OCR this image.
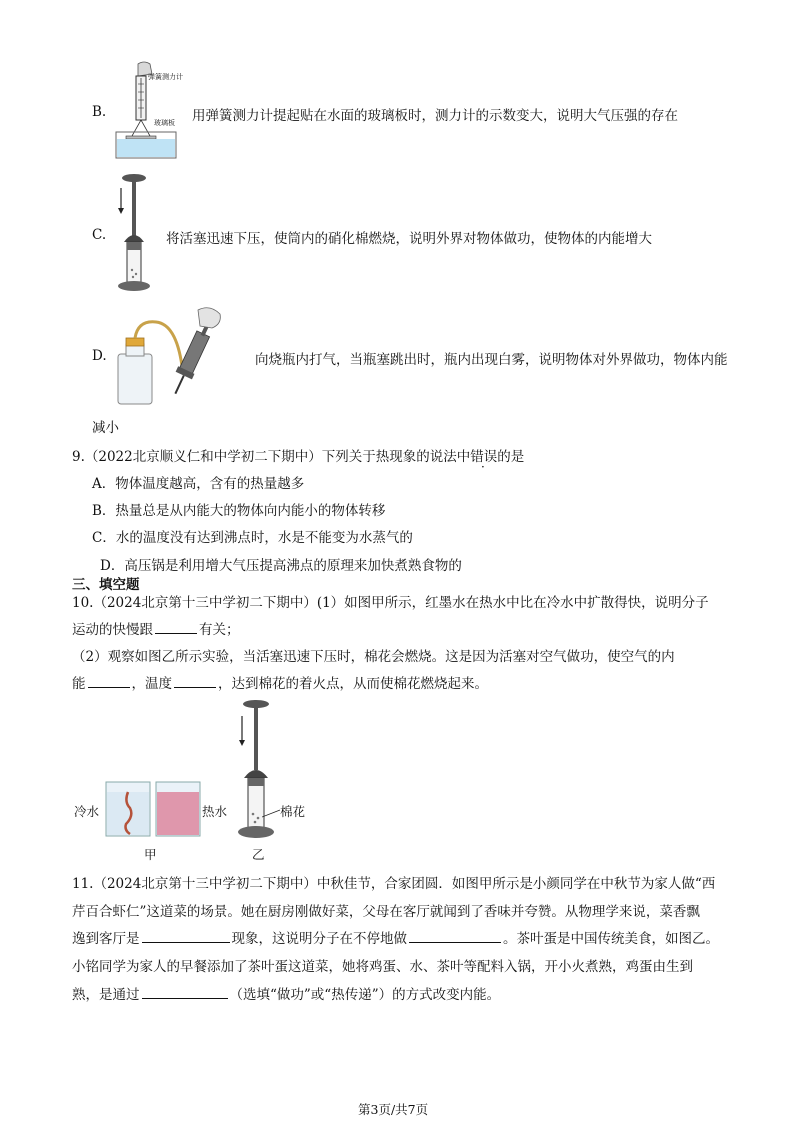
弹簧测力计
玻璃板
B.	用弹簧测力计提起贴在水面的玻璃板时，测力计的示数变大，说明大气压强的存在
C.	将活塞迅速下压，使筒内的硝化棉燃烧，说明外界对物体做功，使物体的内能增大
D.	向烧瓶内打气，当瓶塞跳出时，瓶内出现白雾，说明物体对外界做功，物体内能
减小
9.（2022北京顺义仁和中学初二下期中）下列关于热现象的说法中错误的是
A．物体温度越高，含有的热量越多
B．热量总是从内能大的物体向内能小的物体转移
C．水的温度没有达到沸点时，水是不能变为水蒸气的
D．高压锅是利用增大气压提高沸点的原理来加快煮熟食物的
三、填空题
10.（2024北京第十三中学初二下期中）(1）如图甲所示，红墨水在热水中比在冷水中扩散得快，说明分子
运动的快慢跟	有关；
（2）观察如图乙所示实验，当活塞迅速下压时，棉花会燃烧。这是因为活塞对空气做功，使空气的内
能	，温度	，达到棉花的着火点，从而使棉花燃烧起来。
冷水	热水
甲
棉花
乙
11.（2024北京第十三中学初二下期中）中秋佳节，合家团圆．如图甲所示是小颜同学在中秋节为家人做“西
芹百合虾仁”这道菜的场景。她在厨房刚做好菜，父母在客厅就闻到了香味并夸赞。从物理学来说，菜香飘
逸到客厅是	现象，这说明分子在不停地做	。茶叶蛋是中国传统美食，如图乙。
小铭同学为家人的早餐添加了茶叶蛋这道菜，她将鸡蛋、水、茶叶等配料入锅，开小火煮熟，鸡蛋由生到
熟，是通过	（选填“做功”或“热传递”）的方式改变内能。
第3页/共7页
